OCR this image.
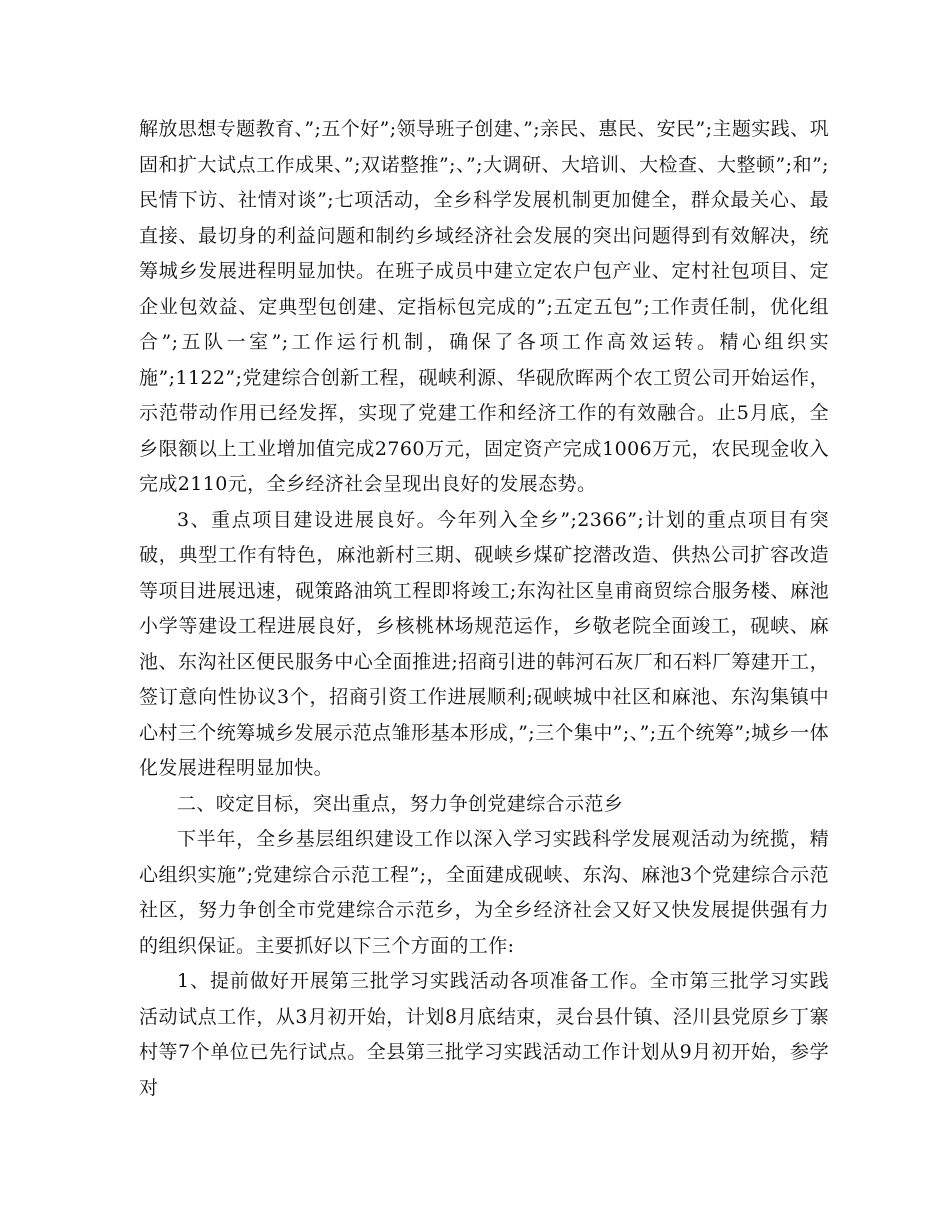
解放思想专题教育、”;五个好”;领导班子创建、”;亲民、惠民、安民”;主题实践、巩固和扩大试点工作成果、”;双诺整推”;、”;大调研、大培训、大检查、大整顿”;和”;民情下访、社情对谈”;七项活动，全乡科学发展机制更加健全，群众最关心、最直接、最切身的利益问题和制约乡域经济社会发展的突出问题得到有效解决，统筹城乡发展进程明显加快。在班子成员中建立定农户包产业、定村社包项目、定企业包效益、定典型包创建、定指标包完成的”;五定五包”;工作责任制，优化组合”;五队一室”;工作运行机制，确保了各项工作高效运转。精心组织实施”;1122”;党建综合创新工程，砚峡利源、华砚欣晖两个农工贸公司开始运作，示范带动作用已经发挥，实现了党建工作和经济工作的有效融合。止5月底，全乡限额以上工业增加值完成2760万元，固定资产完成1006万元，农民现金收入完成2110元，全乡经济社会呈现出良好的发展态势。

3、重点项目建设进展良好。今年列入全乡”;2366”;计划的重点项目有突破，典型工作有特色，麻池新村三期、砚峡乡煤矿挖潜改造、供热公司扩容改造等项目进展迅速，砚策路油筑工程即将竣工;东沟社区皇甫商贸综合服务楼、麻池小学等建设工程进展良好，乡核桃林场规范运作，乡敬老院全面竣工，砚峡、麻池、东沟社区便民服务中心全面推进;招商引进的韩河石灰厂和石料厂筹建开工，签订意向性协议3个，招商引资工作进展顺利;砚峡城中社区和麻池、东沟集镇中心村三个统筹城乡发展示范点雏形基本形成，”;三个集中”;、”;五个统筹”;城乡一体化发展进程明显加快。

二、咬定目标，突出重点，努力争创党建综合示范乡

下半年，全乡基层组织建设工作以深入学习实践科学发展观活动为统揽，精心组织实施”;党建综合示范工程”;，全面建成砚峡、东沟、麻池3个党建综合示范社区，努力争创全市党建综合示范乡，为全乡经济社会又好又快发展提供强有力的组织保证。主要抓好以下三个方面的工作:

1、提前做好开展第三批学习实践活动各项准备工作。全市第三批学习实践活动试点工作，从3月初开始，计划8月底结束，灵台县什镇、泾川县党原乡丁寨村等7个单位已先行试点。全县第三批学习实践活动工作计划从9月初开始，参学对
